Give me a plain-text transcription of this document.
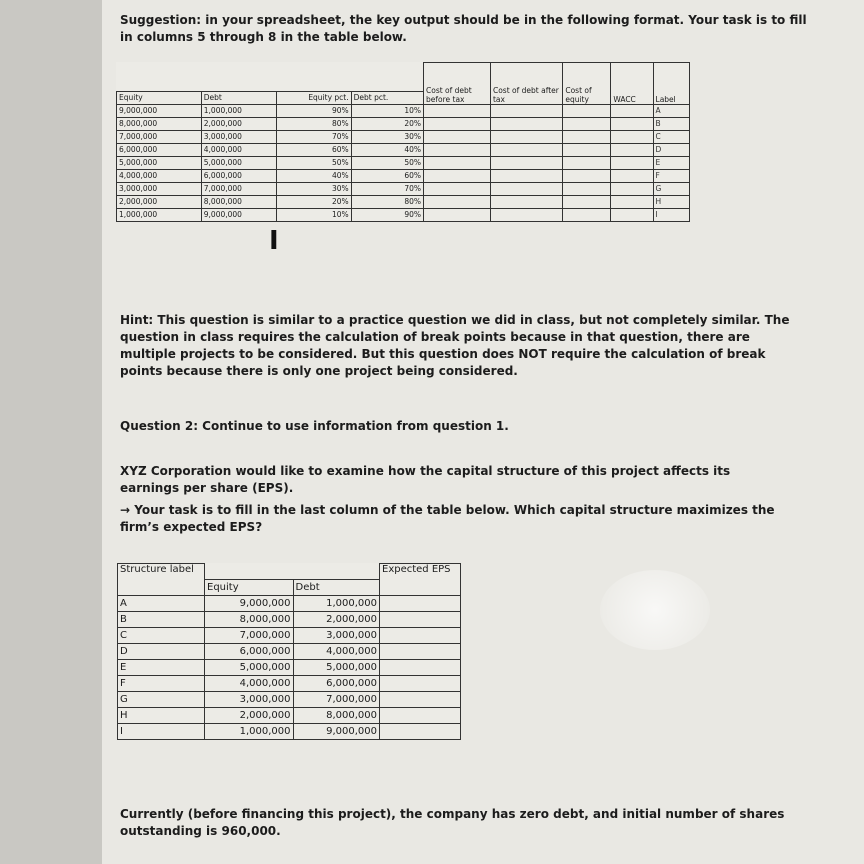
Suggestion: in your spreadsheet, the key output should be in the following format. Your task is to fill in columns 5 through 8 in the table below.

				Cost of debt before tax	Cost of debt after tax	Cost of equity	WACC	Label
Equity	Debt	Equity pct.	Debt pct.					
9,000,000	1,000,000	90%	10%					A
8,000,000	2,000,000	80%	20%					B
7,000,000	3,000,000	70%	30%					C
6,000,000	4,000,000	60%	40%					D
5,000,000	5,000,000	50%	50%					E
4,000,000	6,000,000	40%	60%					F
3,000,000	7,000,000	30%	70%					G
2,000,000	8,000,000	20%	80%					H
1,000,000	9,000,000	10%	90%					I
I

Hint: This question is similar to a practice question we did in class, but not completely similar. The question in class requires the calculation of break points because in that question, there are multiple projects to be considered. But this question does NOT require the calculation of break points because there is only one project being considered.

Question 2: Continue to use information from question 1.

XYZ Corporation would like to examine how the capital structure of this project affects its earnings per share (EPS).

→ Your task is to fill in the last column of the table below. Which capital structure maximizes the firm’s expected EPS?

Structure label			Expected EPS
	Equity	Debt	
A	9,000,000	1,000,000	
B	8,000,000	2,000,000	
C	7,000,000	3,000,000	
D	6,000,000	4,000,000	
E	5,000,000	5,000,000	
F	4,000,000	6,000,000	
G	3,000,000	7,000,000	
H	2,000,000	8,000,000	
I	1,000,000	9,000,000	

Currently (before financing this project), the company has zero debt, and initial number of shares outstanding is 960,000.
